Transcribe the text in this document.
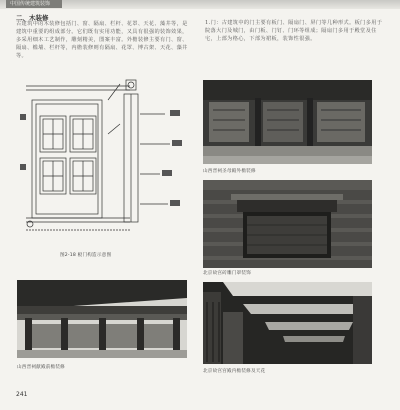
中国传统建筑装饰
二、木装修
古建筑中的木装修包括门、窗、隔扇、栏杆、花罩、天花、藻井等，是建筑中重要的组成部分。它们既有实用功能，又具有很强的装饰效果，多采用细木工艺制作，雕刻精美，图案丰富。外檐装修主要有门、窗、隔扇、槛墙、栏杆等，内檐装修则有隔扇、花罩、博古架、天花、藻井等。
1.门：古建筑中的门主要有板门、隔扇门、屏门等几种形式。板门多用于院落大门及城门，由门板、门钉、门环等组成；隔扇门多用于殿堂及住宅，上部为格心，下部为裙板，装饰性很强。
图2-18 板门构造示意图
山西晋祠圣母殿外檐装修
北京故宫砖雕门罩装饰
山西晋祠献殿前檐装修
北京故宫宫殿内檐装修及天花
241
